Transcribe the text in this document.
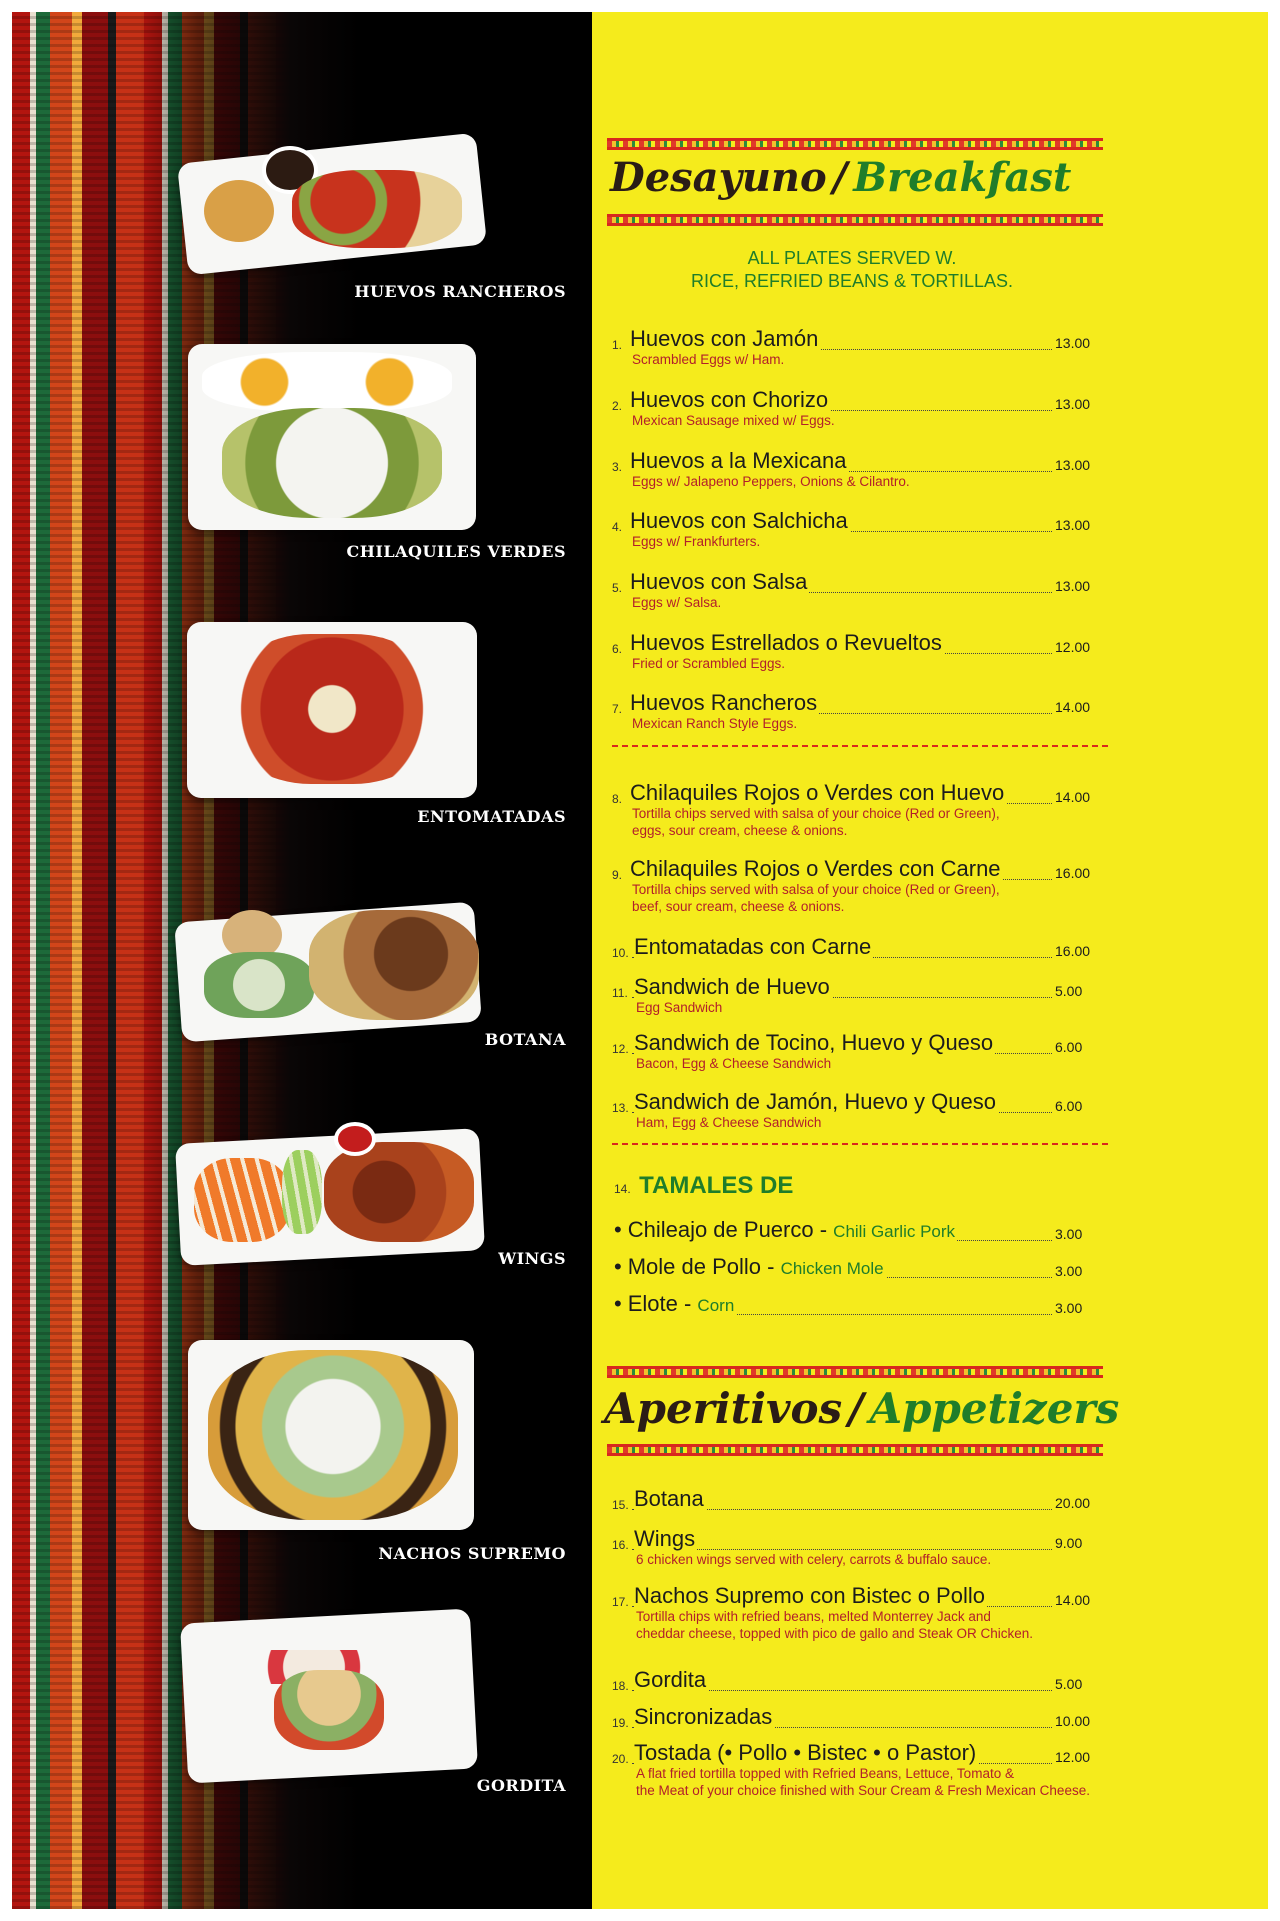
HUEVOS RANCHEROS
CHILAQUILES VERDES
ENTOMATADAS
BOTANA
WINGS
NACHOS SUPREMO
GORDITA
Desayuno / Breakfast
ALL PLATES SERVED W.
RICE, REFRIED BEANS & TORTILLAS.
1. Huevos con Jamón	13.00
Scrambled Eggs w/ Ham.
2. Huevos con Chorizo	13.00
Mexican Sausage mixed w/ Eggs.
3. Huevos a la Mexicana	13.00
Eggs w/ Jalapeno Peppers, Onions & Cilantro.
4. Huevos con Salchicha	13.00
Eggs w/ Frankfurters.
5. Huevos con Salsa	13.00
Eggs w/ Salsa.
6. Huevos Estrellados o Revueltos	12.00
Fried or Scrambled Eggs.
7. Huevos Rancheros	14.00
Mexican Ranch Style Eggs.
8. Chilaquiles Rojos o Verdes con Huevo	14.00
Tortilla chips served with salsa of your choice (Red or Green),
eggs, sour cream, cheese & onions.
9. Chilaquiles Rojos o Verdes con Carne	16.00
Tortilla chips served with salsa of your choice (Red or Green),
beef, sour cream, cheese & onions.
10. Entomatadas con Carne	16.00
11. Sandwich de Huevo	5.00
Egg Sandwich
12. Sandwich de Tocino, Huevo y Queso	6.00
Bacon, Egg & Cheese Sandwich
13. Sandwich de Jamón, Huevo y Queso	6.00
Ham, Egg & Cheese Sandwich
14. TAMALES DE
• Chileajo de Puerco - Chili Garlic Pork	3.00
• Mole de Pollo - Chicken Mole	3.00
• Elote - Corn	3.00
Aperitivos / Appetizers
15. Botana	20.00
16. Wings	9.00
6 chicken wings served with celery, carrots & buffalo sauce.
17. Nachos Supremo con Bistec o Pollo	14.00
Tortilla chips with refried beans, melted Monterrey Jack and
cheddar cheese, topped with pico de gallo and Steak OR Chicken.
18. Gordita	5.00
19. Sincronizadas	10.00
20. Tostada (• Pollo • Bistec • o Pastor)	12.00
A flat fried tortilla topped with Refried Beans, Lettuce, Tomato &
the Meat of your choice finished with Sour Cream & Fresh Mexican Cheese.
